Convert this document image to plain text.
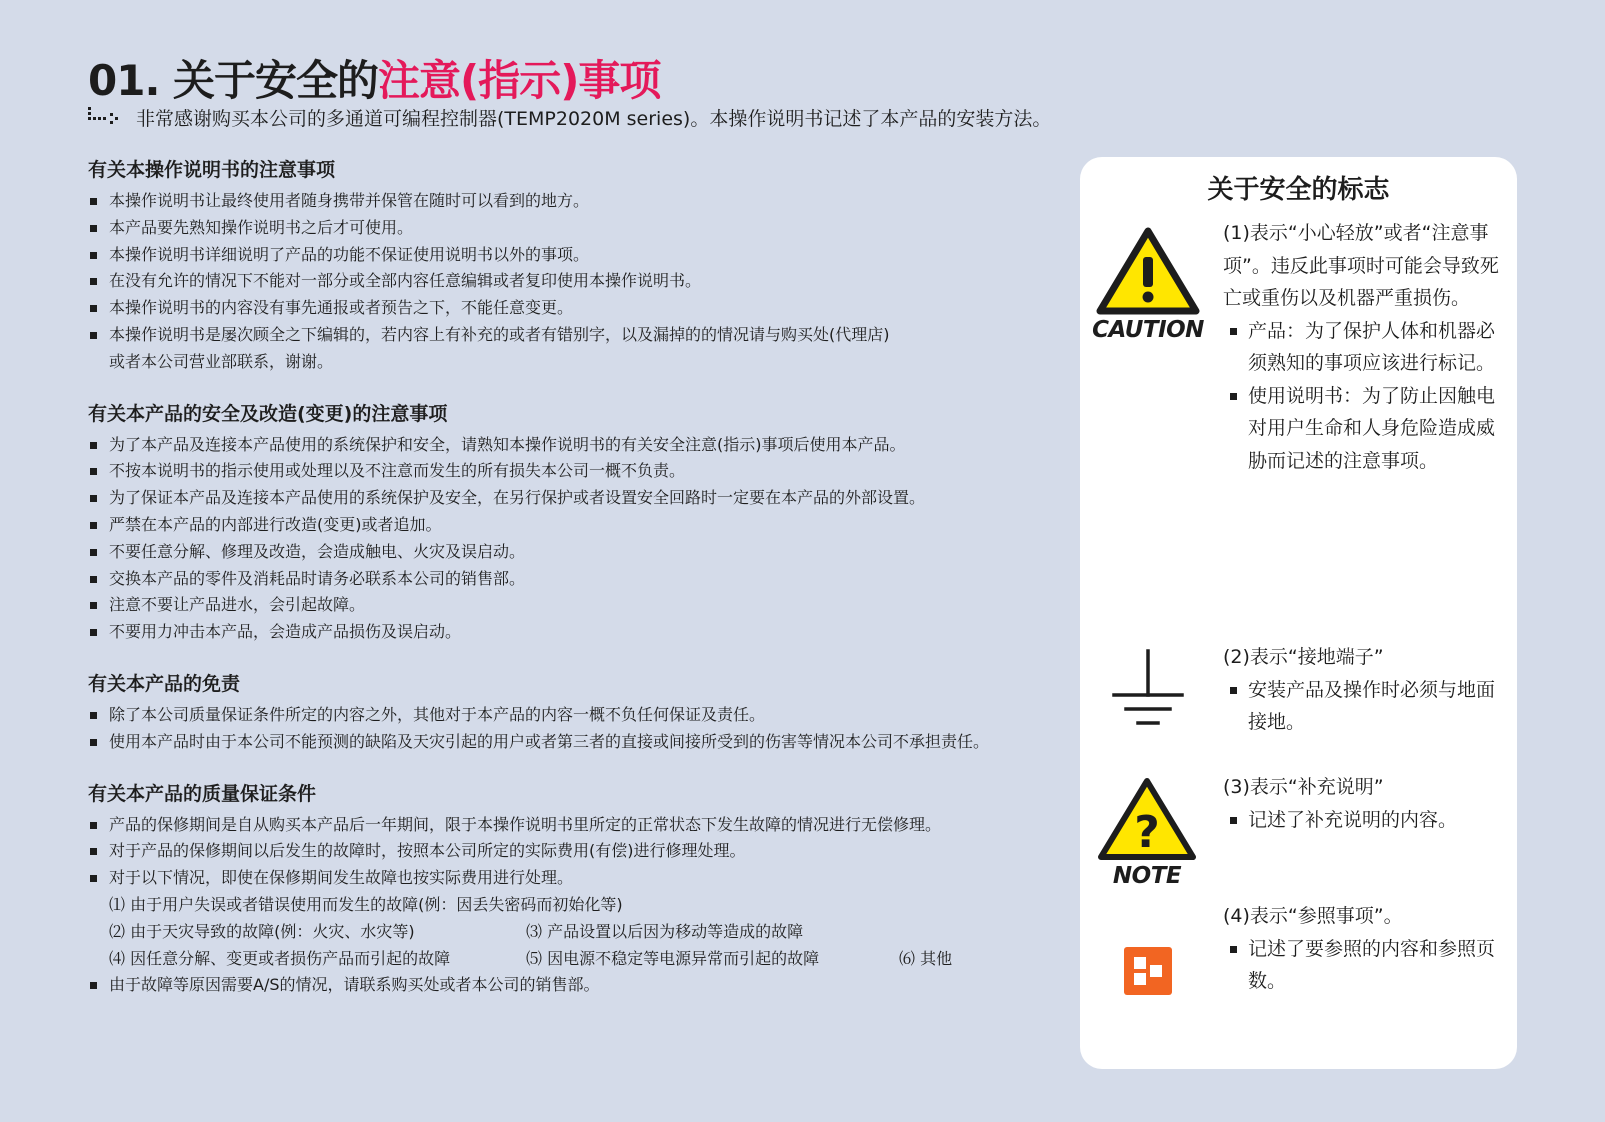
01. 关于安全的注意(指示)事项
非常感谢购买本公司的多通道可编程控制器(TEMP2020M series)。本操作说明书记述了本产品的安装方法。
有关本操作说明书的注意事项
本操作说明书让最终使用者随身携带并保管在随时可以看到的地方。
本产品要先熟知操作说明书之后才可使用。
本操作说明书详细说明了产品的功能不保证使用说明书以外的事项。
在没有允许的情况下不能对一部分或全部内容任意编辑或者复印使用本操作说明书。
本操作说明书的内容没有事先通报或者预告之下，不能任意变更。
本操作说明书是屡次顾全之下编辑的，若内容上有补充的或者有错别字，以及漏掉的的情况请与购买处(代理店)
或者本公司营业部联系，谢谢。
有关本产品的安全及改造(变更)的注意事项
为了本产品及连接本产品使用的系统保护和安全，请熟知本操作说明书的有关安全注意(指示)事项后使用本产品。
不按本说明书的指示使用或处理以及不注意而发生的所有损失本公司一概不负责。
为了保证本产品及连接本产品使用的系统保护及安全，在另行保护或者设置安全回路时一定要在本产品的外部设置。
严禁在本产品的内部进行改造(变更)或者追加。
不要任意分解、修理及改造，会造成触电、火灾及误启动。
交换本产品的零件及消耗品时请务必联系本公司的销售部。
注意不要让产品进水，会引起故障。
不要用力冲击本产品，会造成产品损伤及误启动。
有关本产品的免责
除了本公司质量保证条件所定的内容之外，其他对于本产品的内容一概不负任何保证及责任。
使用本产品时由于本公司不能预测的缺陷及天灾引起的用户或者第三者的直接或间接所受到的伤害等情况本公司不承担责任。
有关本产品的质量保证条件
产品的保修期间是自从购买本产品后一年期间，限于本操作说明书里所定的正常状态下发生故障的情况进行无偿修理。
对于产品的保修期间以后发生的故障时，按照本公司所定的实际费用(有偿)进行修理处理。
对于以下情况，即使在保修期间发生故障也按实际费用进行处理。
⑴ 由于用户失误或者错误使用而发生的故障(例：因丢失密码而初始化等)
⑵ 由于天灾导致的故障(例：火灾、水灾等)	⑶ 产品设置以后因为移动等造成的故障
⑷ 因任意分解、变更或者损伤产品而引起的故障	⑸ 因电源不稳定等电源异常而引起的故障	⑹ 其他
由于故障等原因需要A/S的情况，请联系购买处或者本公司的销售部。
关于安全的标志
CAUTION

(1)表示“小心轻放”或者“注意事项”。违反此事项时可能会导致死亡或重伤以及机器严重损伤。

产品：为了保护人体和机器必须熟知的事项应该进行标记。
使用说明书：为了防止因触电对用户生命和人身危险造成威胁而记述的注意事项。

(2)表示“接地端子”

安装产品及操作时必须与地面接地。
?
NOTE

(3)表示“补充说明”

记述了补充说明的内容。

(4)表示“参照事项”。

记述了要参照的内容和参照页数。
